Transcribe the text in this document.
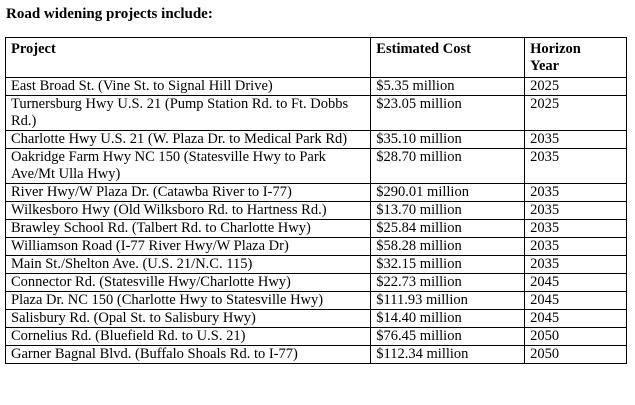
Road widening projects include:
Project	Estimated Cost	Horizon
Year
East Broad St. (Vine St. to Signal Hill Drive)	$5.35 million	2025
Turnersburg Hwy U.S. 21 (Pump Station Rd. to Ft. Dobbs Rd.)	$23.05 million	2025
Charlotte Hwy U.S. 21 (W. Plaza Dr. to Medical Park Rd)	$35.10 million	2035
Oakridge Farm Hwy NC 150 (Statesville Hwy to Park Ave/Mt Ulla Hwy)	$28.70 million	2035
River Hwy/W Plaza Dr. (Catawba River to I-77)	$290.01 million	2035
Wilkesboro Hwy (Old Wilksboro Rd. to Hartness Rd.)	$13.70 million	2035
Brawley School Rd. (Talbert Rd. to Charlotte Hwy)	$25.84 million	2035
Williamson Road (I-77 River Hwy/W Plaza Dr)	$58.28 million	2035
Main St./Shelton Ave. (U.S. 21/N.C. 115)	$32.15 million	2035
Connector Rd. (Statesville Hwy/Charlotte Hwy)	$22.73 million	2045
Plaza Dr. NC 150 (Charlotte Hwy to Statesville Hwy)	$111.93 million	2045
Salisbury Rd. (Opal St. to Salisbury Hwy)	$14.40 million	2045
Cornelius Rd. (Bluefield Rd. to U.S. 21)	$76.45 million	2050
Garner Bagnal Blvd. (Buffalo Shoals Rd. to I-77)	$112.34 million	2050
